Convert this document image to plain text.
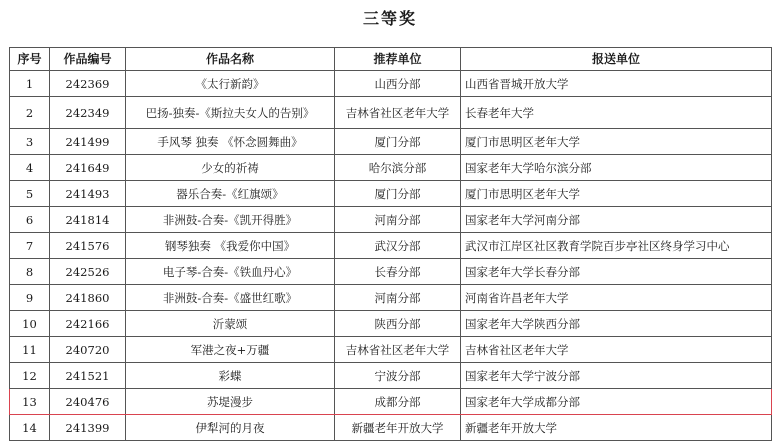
三等奖
序号	作品编号	作品名称	推荐单位	报送单位
1	242369	《太行新韵》	山西分部	山西省晋城开放大学
2	242349	巴扬-独奏-《斯拉夫女人的告别》	吉林省社区老年大学	长春老年大学
3	241499	手风琴 独奏 《怀念圆舞曲》	厦门分部	厦门市思明区老年大学
4	241649	少女的祈祷	哈尔滨分部	国家老年大学哈尔滨分部
5	241493	器乐合奏-《红旗颂》	厦门分部	厦门市思明区老年大学
6	241814	非洲鼓-合奏-《凯开得胜》	河南分部	国家老年大学河南分部
7	241576	钢琴独奏 《我爱你中国》	武汉分部	武汉市江岸区社区教育学院百步亭社区终身学习中心
8	242526	电子琴-合奏-《铁血丹心》	长春分部	国家老年大学长春分部
9	241860	非洲鼓-合奏-《盛世红歌》	河南分部	河南省许昌老年大学
10	242166	沂蒙颂	陕西分部	国家老年大学陕西分部
11	240720	军港之夜+万疆	吉林省社区老年大学	吉林省社区老年大学
12	241521	彩蝶	宁波分部	国家老年大学宁波分部
13	240476	苏堤漫步	成都分部	国家老年大学成都分部
14	241399	伊犁河的月夜	新疆老年开放大学	新疆老年开放大学
